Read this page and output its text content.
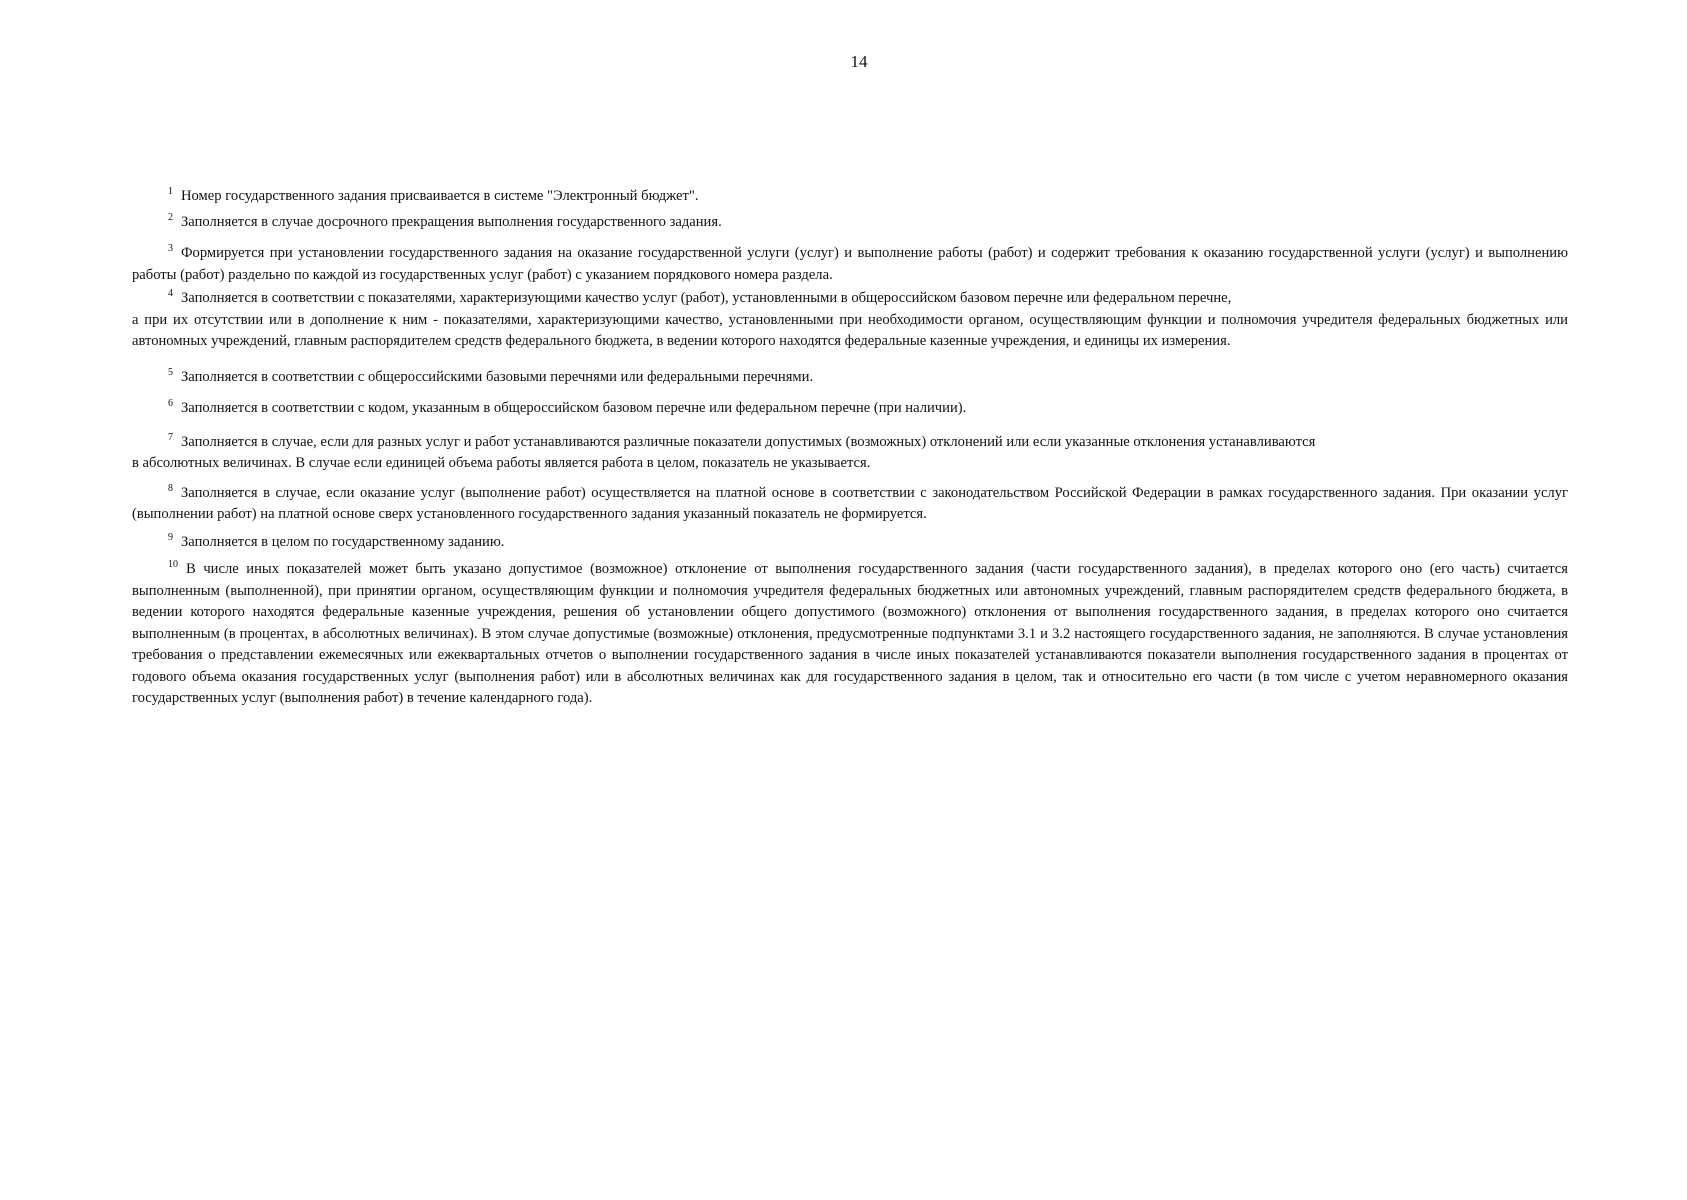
14

$^1$ Номер государственного задания присваивается в системе "Электронный бюджет".

$^2$ Заполняется в случае досрочного прекращения выполнения государственного задания.

$^3$ Формируется при установлении государственного задания на оказание государственной услуги (услуг) и выполнение работы (работ) и содержит требования к оказанию государственной услуги (услуг) и выполнению работы (работ) раздельно по каждой из государственных услуг (работ) с указанием порядкового номера раздела.

$^4$ Заполняется в соответствии с показателями, характеризующими качество услуг (работ), установленными в общероссийском базовом перечне или федеральном перечне,
а при их отсутствии или в дополнение к ним - показателями, характеризующими качество, установленными при необходимости органом, осуществляющим функции и полномочия учредителя федеральных бюджетных или автономных учреждений, главным распорядителем средств федерального бюджета, в ведении которого находятся федеральные казенные учреждения, и единицы их измерения.

$^5$ Заполняется в соответствии с общероссийскими базовыми перечнями или федеральными перечнями.

$^6$ Заполняется в соответствии с кодом, указанным в общероссийском базовом перечне или федеральном перечне (при наличии).

$^7$ Заполняется в случае, если для разных услуг и работ устанавливаются различные показатели допустимых (возможных) отклонений или если указанные отклонения устанавливаются
в абсолютных величинах. В случае если единицей объема работы является работа в целом, показатель не указывается.

$^8$ Заполняется в случае, если оказание услуг (выполнение работ) осуществляется на платной основе в соответствии с законодательством Российской Федерации в рамках государственного задания. При оказании услуг (выполнении работ) на платной основе сверх установленного государственного задания указанный показатель не формируется.

$^9$ Заполняется в целом по государственному заданию.

$^{10}$ В числе иных показателей может быть указано допустимое (возможное) отклонение от выполнения государственного задания (части государственного задания), в пределах которого оно (его часть) считается выполненным (выполненной), при принятии органом, осуществляющим функции и полномочия учредителя федеральных бюджетных или автономных учреждений, главным распорядителем средств федерального бюджета, в ведении которого находятся федеральные казенные учреждения, решения об установлении общего допустимого (возможного) отклонения от выполнения государственного задания, в пределах которого оно считается выполненным (в процентах, в абсолютных величинах). В этом случае допустимые (возможные) отклонения, предусмотренные подпунктами 3.1 и 3.2 настоящего государственного задания, не заполняются. В случае установления требования о представлении ежемесячных или ежеквартальных отчетов о выполнении государственного задания в числе иных показателей устанавливаются показатели выполнения государственного задания в процентах от годового объема оказания государственных услуг (выполнения работ) или в абсолютных величинах как для государственного задания в целом, так и относительно его части (в том числе с учетом неравномерного оказания государственных услуг (выполнения работ) в течение календарного года).
